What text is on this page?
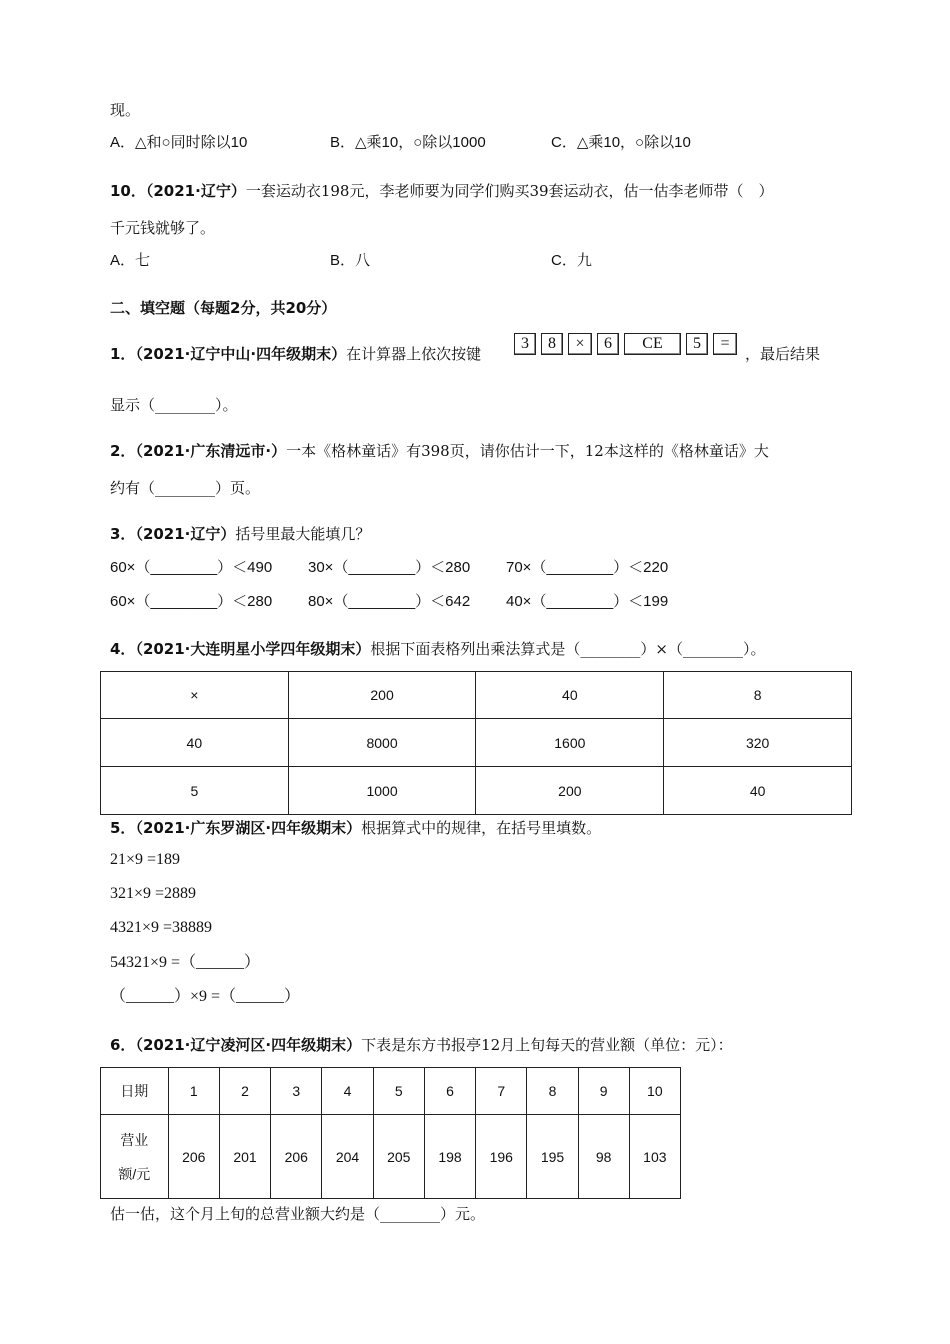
现。
A．△和○同时除以10	B．△乘10，○除以1000	C．△乘10，○除以10
10．（2021·辽宁）一套运动衣198元，李老师要为同学们购买39套运动衣，估一估李老师带（　）
千元钱就够了。
A．七	B．八	C．九
二、填空题（每题2分，共20分）
1．（2021·辽宁中山·四年级期末）在计算器上依次按键
3	8	×	6	CE	5	=
，最后结果
显示（________）。
2．（2021·广东清远市·）一本《格林童话》有398页，请你估计一下，12本这样的《格林童话》大
约有（________）页。
3．（2021·辽宁）括号里最大能填几？
60×（________）＜490 30×（________）＜280 70×（________）＜220
60×（________）＜280 80×（________）＜642 40×（________）＜199
4．（2021·大连明星小学四年级期末）根据下面表格列出乘法算式是（________）×（________）。
×	200	40	8
40	8000	1600	320
5	1000	200	40
5．（2021·广东罗湖区·四年级期末）根据算式中的规律，在括号里填数。
21×9 =189
321×9 =2889
4321×9 =38889
54321×9 =（______）
（______）×9 =（______）
6．（2021·辽宁凌河区·四年级期末）下表是东方书报亭12月上旬每天的营业额（单位：元）：
日期	1	2	3	4	5	6	7	8	9	10

营业
额/元	206	201	206	204	205	198	196	195	98	103
估一估，这个月上旬的总营业额大约是（________）元。
